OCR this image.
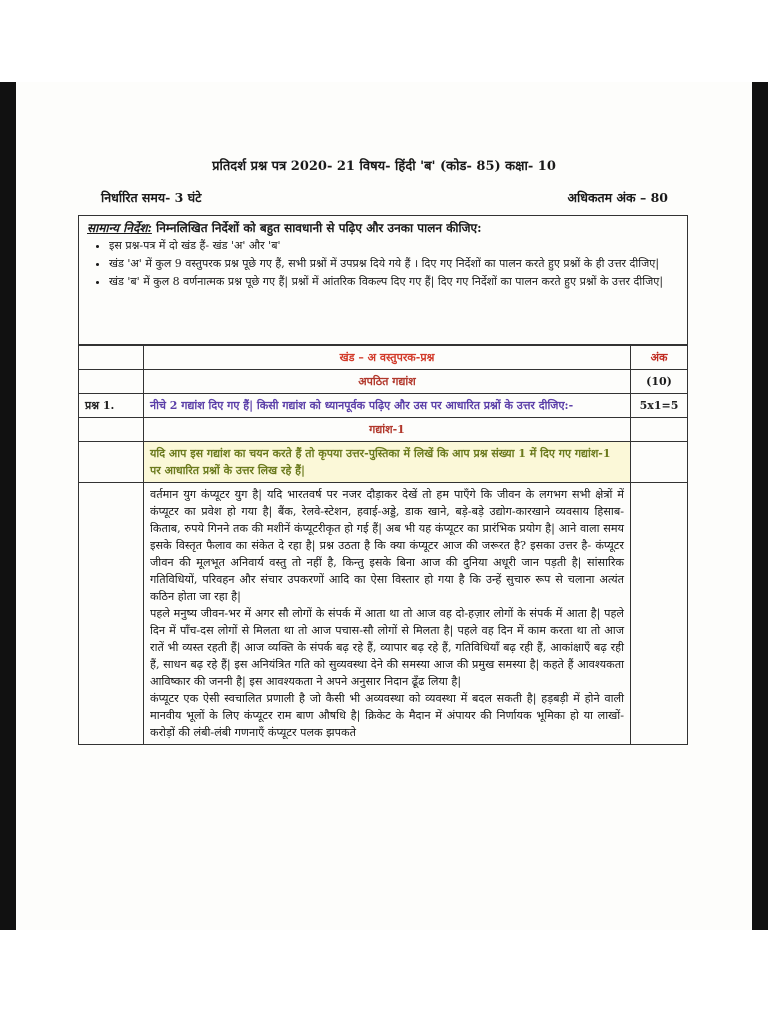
प्रतिदर्श प्रश्न पत्र 2020- 21 विषय- हिंदी 'ब' (कोड- 85) कक्षा- 10
निर्धारित समय- 3 घंटे	अधिकतम अंक – 80
सामान्य निर्देश: निम्नलिखित निर्देशों को बहुत सावधानी से पढ़िए और उनका पालन कीजिए:
• इस प्रश्न-पत्र में दो खंड हैं- खंड 'अ' और 'ब'
• खंड 'अ' में कुल 9 वस्तुपरक प्रश्न पूछे गए हैं, सभी प्रश्नों में उपप्रश्न दिये गये हैं । दिए गए निर्देशों का पालन करते हुए प्रश्नों के ही उत्तर दीजिए|
• खंड 'ब' में कुल 8 वर्णनात्मक प्रश्न पूछे गए हैं| प्रश्नों में आंतरिक विकल्प दिए गए हैं| दिए गए निर्देशों का पालन करते हुए प्रश्नों के उत्तर दीजिए|
	खंड – अ वस्तुपरक-प्रश्न	अंक
	अपठित गद्यांश	(10)
प्रश्न 1.	नीचे 2 गद्यांश दिए गए हैं| किसी गद्यांश को ध्यानपूर्वक पढ़िए और उस पर आधारित प्रश्नों के उत्तर दीजिए:-	5x1=5
	गद्यांश-1	
	यदि आप इस गद्यांश का चयन करते हैं तो कृपया उत्तर-पुस्तिका में लिखें कि आप प्रश्न संख्या 1 में दिए गए गद्यांश-1 पर आधारित प्रश्नों के उत्तर लिख रहे हैं|	

	वर्तमान युग कंप्यूटर युग है| यदि भारतवर्ष पर नजर दौड़ाकर देखें तो हम पाएँगे कि जीवन के लगभग सभी क्षेत्रों में कंप्यूटर का प्रवेश हो गया है| बैंक, रेलवे-स्टेशन, हवाई-अड्डे, डाक खाने, बड़े-बड़े उद्योग-कारखाने व्यवसाय हिसाब-किताब, रुपये गिनने तक की मशीनें कंप्यूटरीकृत हो गई हैं| अब भी यह कंप्यूटर का प्रारंभिक प्रयोग है| आने वाला समय इसके विस्तृत फैलाव का संकेत दे रहा है| प्रश्न उठता है कि क्या कंप्यूटर आज की जरूरत है? इसका उत्तर है- कंप्यूटर जीवन की मूलभूत अनिवार्य वस्तु तो नहीं है, किन्तु इसके बिना आज की दुनिया अधूरी जान पड़ती है| सांसारिक गतिविधियों, परिवहन और संचार उपकरणों आदि का ऐसा विस्तार हो गया है कि उन्हें सुचारु रूप से चलाना अत्यंत कठिन होता जा रहा है|

पहले मनुष्य जीवन-भर में अगर सौ लोगों के संपर्क में आता था तो आज वह दो-हज़ार लोगों के संपर्क में आता है| पहले दिन में पाँच-दस लोगों से मिलता था तो आज पचास-सौ लोगों से मिलता है| पहले वह दिन में काम करता था तो आज रातें भी व्यस्त रहती हैं| आज व्यक्ति के संपर्क बढ़ रहे हैं, व्यापार बढ़ रहे हैं, गतिविधियाँ बढ़ रही हैं, आकांक्षाएँ बढ़ रही हैं, साधन बढ़ रहे हैं| इस अनियंत्रित गति को सुव्यवस्था देने की समस्या आज की प्रमुख समस्या है| कहते हैं आवश्यकता आविष्कार की जननी है| इस आवश्यकता ने अपने अनुसार निदान ढूँढ लिया है|

कंप्यूटर एक ऐसी स्वचालित प्रणाली है जो कैसी भी अव्यवस्था को व्यवस्था में बदल सकती है| हड़बड़ी में होने वाली मानवीय भूलों के लिए कंप्यूटर राम बाण औषधि है| क्रिकेट के मैदान में अंपायर की निर्णायक भूमिका हो या लाखों-करोड़ों की लंबी-लंबी गणनाएँ कंप्यूटर पलक झपकते	
